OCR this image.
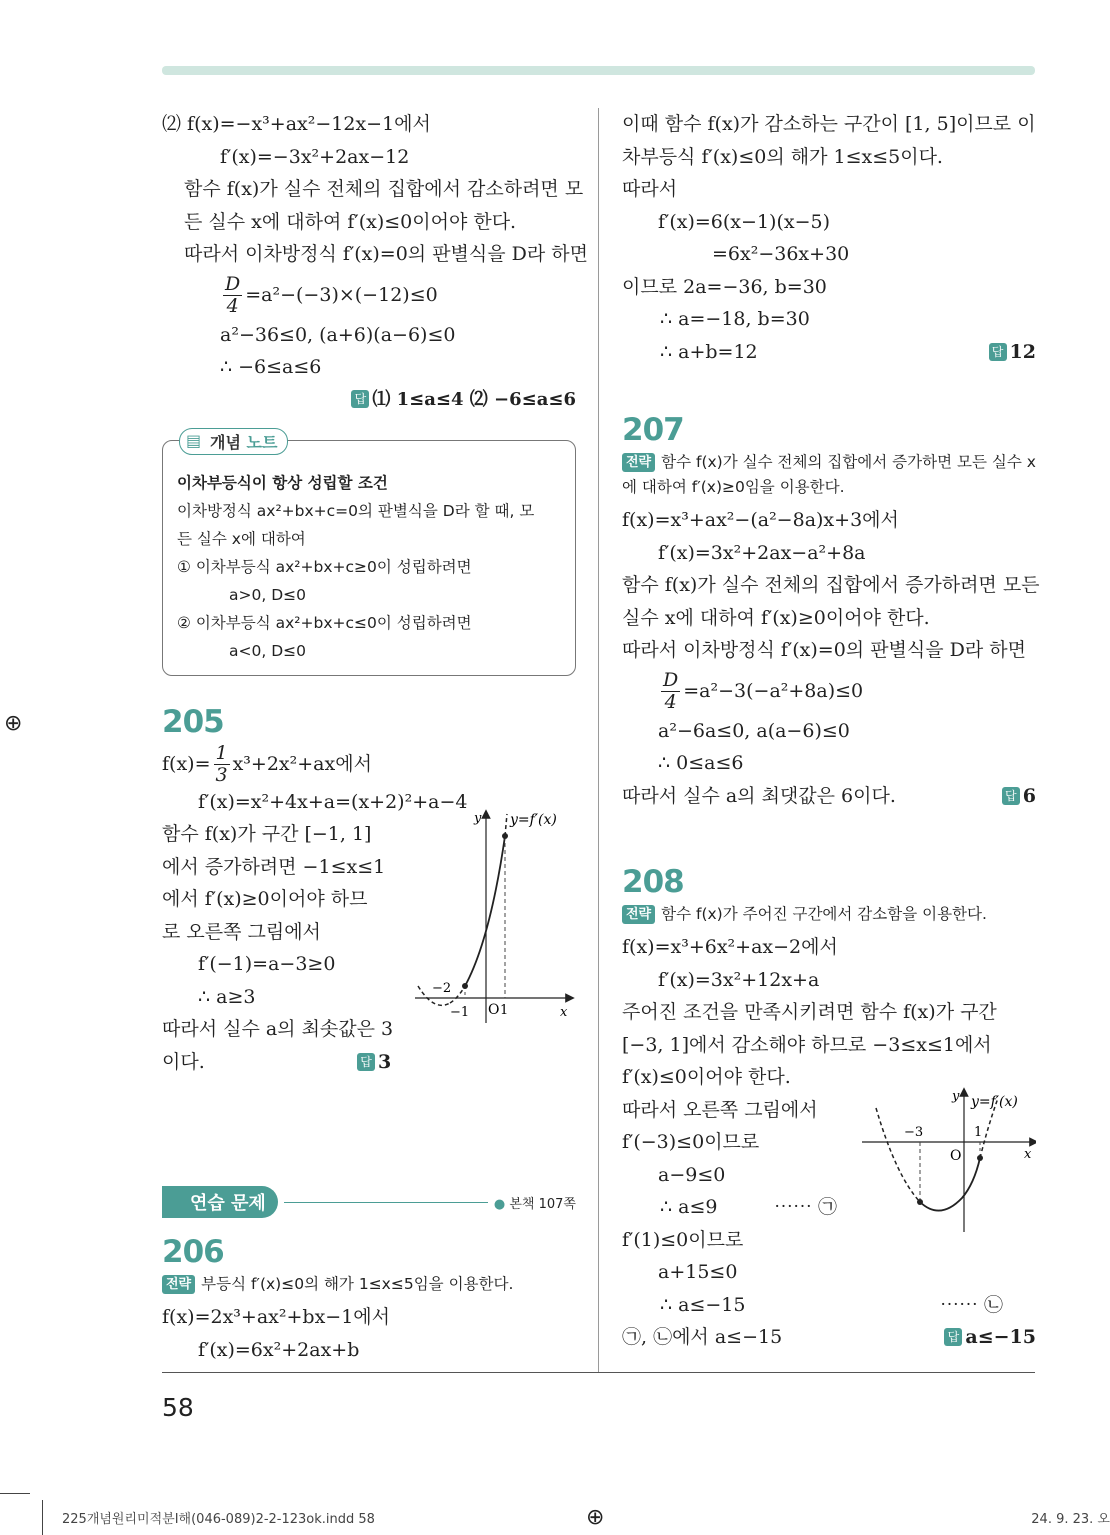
⑵ f(x)=−x³+ax²−12x−1에서
f′(x)=−3x²+2ax−12
함수 f(x)가 실수 전체의 집합에서 감소하려면 모
든 실수 x에 대하여 f′(x)≤0이어야 한다.
따라서 이차방정식 f′(x)=0의 판별식을 D라 하면
$\frac{D}{4} =a^2-(-3)\times(-12)\le 0$
a²−36≤0, (a+6)(a−6)≤0
∴ −6≤a≤6
답 ⑴ 1≤a≤4 ⑵ −6≤a≤6
▤ 개념 노트
이차부등식이 항상 성립할 조건
이차방정식 ax²+bx+c=0의 판별식을 D라 할 때, 모
든 실수 x에 대하여
① 이차부등식 ax²+bx+c≥0이 성립하려면
a>0, D≤0
② 이차부등식 ax²+bx+c≤0이 성립하려면
a<0, D≤0
205
$f(x)= \frac{1}{3} x^3+2x^2+ax$에서
f′(x)=x²+4x+a=(x+2)²+a−4
함수 f(x)가 구간 [−1, 1]
에서 증가하려면 −1≤x≤1
에서 f′(x)≥0이어야 하므
로 오른쪽 그림에서
f′(−1)=a−3≥0
∴ a≥3
따라서 실수 a의 최솟값은 3
이다.	답 3
y y=f′(x)
x
−2
−1 O 1
연습 문제	● 본책 107쪽
206
전략 부등식 f′(x)≤0의 해가 1≤x≤5임을 이용한다.
f(x)=2x³+ax²+bx−1에서
f′(x)=6x²+2ax+b
이때 함수 f(x)가 감소하는 구간이 [1, 5]이므로 이
차부등식 f′(x)≤0의 해가 1≤x≤5이다.
따라서
f′(x)=6(x−1)(x−5)
=6x²−36x+30
이므로 2a=−36, b=30
∴ a=−18, b=30
∴ a+b=12	답 12
207
전략 함수 f(x)가 실수 전체의 집합에서 증가하면 모든 실수 x
에 대하여 f′(x)≥0임을 이용한다.
f(x)=x³+ax²−(a²−8a)x+3에서
f′(x)=3x²+2ax−a²+8a
함수 f(x)가 실수 전체의 집합에서 증가하려면 모든
실수 x에 대하여 f′(x)≥0이어야 한다.
따라서 이차방정식 f′(x)=0의 판별식을 D라 하면
$\frac{D}{4} =a^2-3(-a^2+8a)\le 0$
a²−6a≤0, a(a−6)≤0
∴ 0≤a≤6
따라서 실수 a의 최댓값은 6이다.	답 6
208
전략 함수 f(x)가 주어진 구간에서 감소함을 이용한다.
f(x)=x³+6x²+ax−2에서
f′(x)=3x²+12x+a
주어진 조건을 만족시키려면 함수 f(x)가 구간
[−3, 1]에서 감소해야 하므로 −3≤x≤1에서
f′(x)≤0이어야 한다.
따라서 오른쪽 그림에서
f′(−3)≤0이므로
a−9≤0
∴ a≤9	⋯⋯ ㉠
f′(1)≤0이므로
a+15≤0
∴ a≤−15	⋯⋯ ㉡
㉠, ㉡에서 a≤−15	답 a≤−15
y y=f′(x)
x
−3
O
1
58
⊕
⊕
225개념원리미적분Ⅰ해(046-089)2-2-123ok.indd 58	24. 9. 23. 오
